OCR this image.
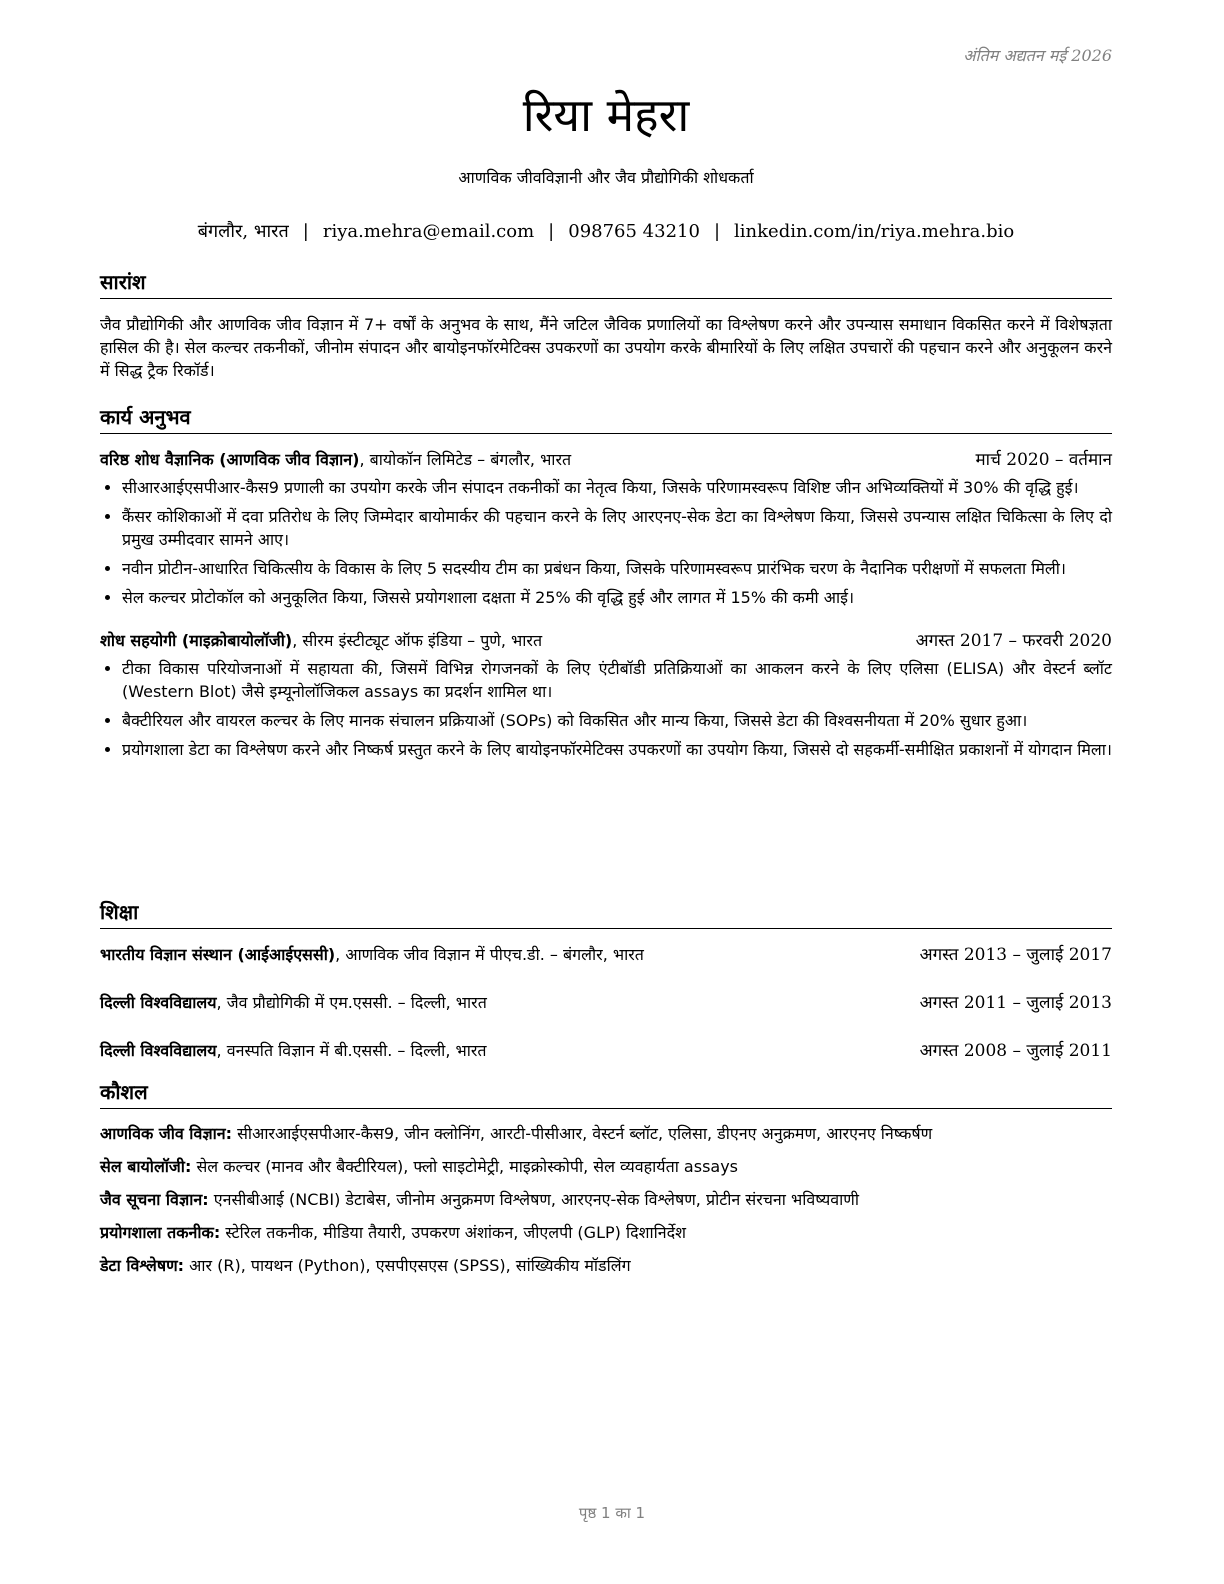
अंतिम अद्यतन मई 2026
रिया मेहरा
आणविक जीवविज्ञानी और जैव प्रौद्योगिकी शोधकर्ता
बंगलौर, भारत | riya.mehra@email.com | 098765 43210 | linkedin.com/in/riya.mehra.bio
सारांश
जैव प्रौद्योगिकी और आणविक जीव विज्ञान में 7+ वर्षों के अनुभव के साथ, मैंने जटिल जैविक प्रणालियों का विश्लेषण करने और उपन्यास समाधान विकसित करने में विशेषज्ञता हासिल की है। सेल कल्चर तकनीकों, जीनोम संपादन और बायोइनफॉरमेटिक्स उपकरणों का उपयोग करके बीमारियों के लिए लक्षित उपचारों की पहचान करने और अनुकूलन करने में सिद्ध ट्रैक रिकॉर्ड।
कार्य अनुभव
वरिष्ठ शोध वैज्ञानिक (आणविक जीव विज्ञान), बायोकॉन लिमिटेड – बंगलौर, भारत	मार्च 2020 – वर्तमान
• सीआरआईएसपीआर-कैस9 प्रणाली का उपयोग करके जीन संपादन तकनीकों का नेतृत्व किया, जिसके परिणामस्वरूप विशिष्ट जीन अभिव्यक्तियों में 30% की वृद्धि हुई।
• कैंसर कोशिकाओं में दवा प्रतिरोध के लिए जिम्मेदार बायोमार्कर की पहचान करने के लिए आरएनए-सेक डेटा का विश्लेषण किया, जिससे उपन्यास लक्षित चिकित्सा के लिए दो प्रमुख उम्मीदवार सामने आए।
• नवीन प्रोटीन-आधारित चिकित्सीय के विकास के लिए 5 सदस्यीय टीम का प्रबंधन किया, जिसके परिणामस्वरूप प्रारंभिक चरण के नैदानिक परीक्षणों में सफलता मिली।
• सेल कल्चर प्रोटोकॉल को अनुकूलित किया, जिससे प्रयोगशाला दक्षता में 25% की वृद्धि हुई और लागत में 15% की कमी आई।
शोध सहयोगी (माइक्रोबायोलॉजी), सीरम इंस्टीट्यूट ऑफ इंडिया – पुणे, भारत	अगस्त 2017 – फरवरी 2020
• टीका विकास परियोजनाओं में सहायता की, जिसमें विभिन्न रोगजनकों के लिए एंटीबॉडी प्रतिक्रियाओं का आकलन करने के लिए एलिसा (ELISA) और वेस्टर्न ब्लॉट (Western Blot) जैसे इम्यूनोलॉजिकल assays का प्रदर्शन शामिल था।
• बैक्टीरियल और वायरल कल्चर के लिए मानक संचालन प्रक्रियाओं (SOPs) को विकसित और मान्य किया, जिससे डेटा की विश्वसनीयता में 20% सुधार हुआ।
• प्रयोगशाला डेटा का विश्लेषण करने और निष्कर्ष प्रस्तुत करने के लिए बायोइनफॉरमेटिक्स उपकरणों का उपयोग किया, जिससे दो सहकर्मी-समीक्षित प्रकाशनों में योगदान मिला।
शिक्षा
भारतीय विज्ञान संस्थान (आईआईएससी), आणविक जीव विज्ञान में पीएच.डी. – बंगलौर, भारत	अगस्त 2013 – जुलाई 2017
दिल्ली विश्वविद्यालय, जैव प्रौद्योगिकी में एम.एससी. – दिल्ली, भारत	अगस्त 2011 – जुलाई 2013
दिल्ली विश्वविद्यालय, वनस्पति विज्ञान में बी.एससी. – दिल्ली, भारत	अगस्त 2008 – जुलाई 2011
कौशल
आणविक जीव विज्ञान: सीआरआईएसपीआर-कैस9, जीन क्लोनिंग, आरटी-पीसीआर, वेस्टर्न ब्लॉट, एलिसा, डीएनए अनुक्रमण, आरएनए निष्कर्षण
सेल बायोलॉजी: सेल कल्चर (मानव और बैक्टीरियल), फ्लो साइटोमेट्री, माइक्रोस्कोपी, सेल व्यवहार्यता assays
जैव सूचना विज्ञान: एनसीबीआई (NCBI) डेटाबेस, जीनोम अनुक्रमण विश्लेषण, आरएनए-सेक विश्लेषण, प्रोटीन संरचना भविष्यवाणी
प्रयोगशाला तकनीक: स्टेरिल तकनीक, मीडिया तैयारी, उपकरण अंशांकन, जीएलपी (GLP) दिशानिर्देश
डेटा विश्लेषण: आर (R), पायथन (Python), एसपीएसएस (SPSS), सांख्यिकीय मॉडलिंग
पृष्ठ 1 का 1
